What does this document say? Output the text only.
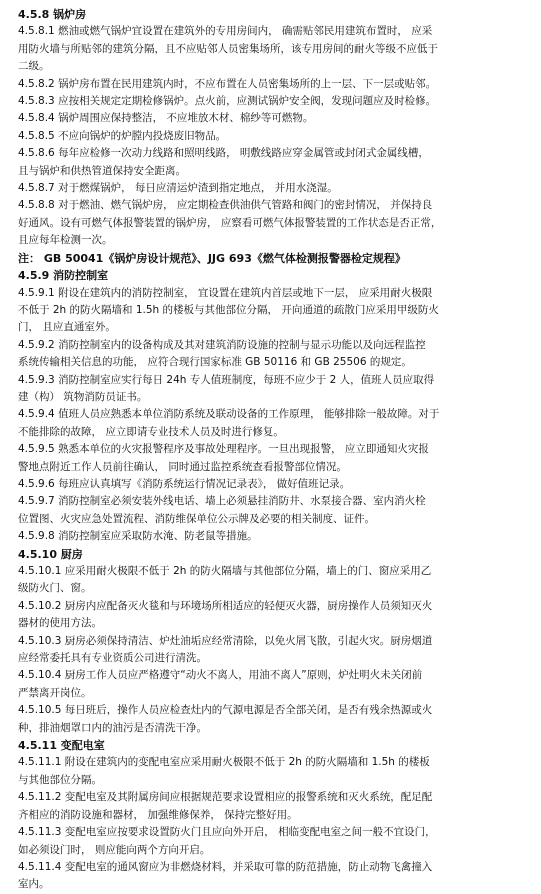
4.5.8 锅炉房
4.5.8.1 燃油或燃气锅炉宜设置在建筑外的专用房间内， 确需贴邻民用建筑布置时， 应采
用防火墙与所贴邻的建筑分隔，且不应贴邻人员密集场所，该专用房间的耐火等级不应低于
二级。
4.5.8.2 锅炉房布置在民用建筑内时，不应布置在人员密集场所的上一层、下一层或贴邻。
4.5.8.3 应按相关规定定期检修锅炉。点火前，应测试锅炉安全阀，发现问题应及时检修。
4.5.8.4 锅炉周围应保持整洁， 不应堆放木材、棉纱等可燃物。
4.5.8.5 不应向锅炉的炉膛内投烧废旧物品。
4.5.8.6 每年应检修一次动力线路和照明线路， 明敷线路应穿金属管或封闭式金属线槽，
且与锅炉和供热管道保持安全距离。
4.5.8.7 对于燃煤锅炉， 每日应清运炉渣到指定地点， 并用水浇湿。
4.5.8.8 对于燃油、燃气锅炉房， 应定期检查供油供气管路和阀门的密封情况， 并保持良
好通风。设有可燃气体报警装置的锅炉房， 应察看可燃气体报警装置的工作状态是否正常，
且应每年检测一次。
注： GB 50041《锅炉房设计规范》、JJG 693《燃气体检测报警器检定规程》
4.5.9 消防控制室
4.5.9.1 附设在建筑内的消防控制室， 宜设置在建筑内首层或地下一层， 应采用耐火极限
不低于 2h 的防火隔墙和 1.5h 的楼板与其他部位分隔， 开向通道的疏散门应采用甲级防火
门， 且应直通室外。
4.5.9.2 消防控制室内的设备构成及其对建筑消防设施的控制与显示功能以及向远程监控
系统传输相关信息的功能， 应符合现行国家标准 GB 50116 和 GB 25506 的规定。
4.5.9.3 消防控制室应实行每日 24h 专人值班制度，每班不应少于 2 人，值班人员应取得
建（构） 筑物消防员证书。
4.5.9.4 值班人员应熟悉本单位消防系统及联动设备的工作原理， 能够排除一般故障。对于
不能排除的故障， 应立即请专业技术人员及时进行修复。
4.5.9.5 熟悉本单位的火灾报警程序及事故处理程序。一旦出现报警， 应立即通知火灾报
警地点附近工作人员前往确认， 同时通过监控系统查看报警部位情况。
4.5.9.6 每班应认真填写《消防系统运行情况记录表》， 做好值班记录。
4.5.9.7 消防控制室必须安装外线电话、墙上必须悬挂消防井、水泵接合器、室内消火栓
位置图、火灾应急处置流程、消防维保单位公示牌及必要的相关制度、证件。
4.5.9.8 消防控制室应采取防水淹、防老鼠等措施。
4.5.10 厨房
4.5.10.1 应采用耐火极限不低于 2h 的防火隔墙与其他部位分隔，墙上的门、窗应采用乙
级防火门、窗。
4.5.10.2 厨房内应配备灭火毯和与环境场所相适应的轻便灭火器，厨房操作人员须知灭火
器材的使用方法。
4.5.10.3 厨房必须保持清洁、炉灶油垢应经常清除，以免火屑飞散，引起火灾。厨房烟道
应经常委托具有专业资质公司进行清洗。
4.5.10.4 厨房工作人员应严格遵守“动火不离人，用油不离人”原则，炉灶明火未关闭前
严禁离开岗位。
4.5.10.5 每日班后，操作人员应检查灶内的气源电源是否全部关闭，是否有残余热源或火
种，排油烟罩口内的油污是否清洗干净。
4.5.11 变配电室
4.5.11.1 附设在建筑内的变配电室应采用耐火极限不低于 2h 的防火隔墙和 1.5h 的楼板
与其他部位分隔。
4.5.11.2 变配电室及其附属房间应根据规范要求设置相应的报警系统和灭火系统，配足配
齐相应的消防设施和器材， 加强维修保养， 保持完整好用。
4.5.11.3 变配电室应按要求设置防火门且应向外开启， 相临变配电室之间一般不宜设门，
如必须设门时， 则应能向两个方向开启。
4.5.11.4 变配电室的通风窗应为非燃烧材料，并采取可靠的防范措施，防止动物飞禽撞入
室内。
